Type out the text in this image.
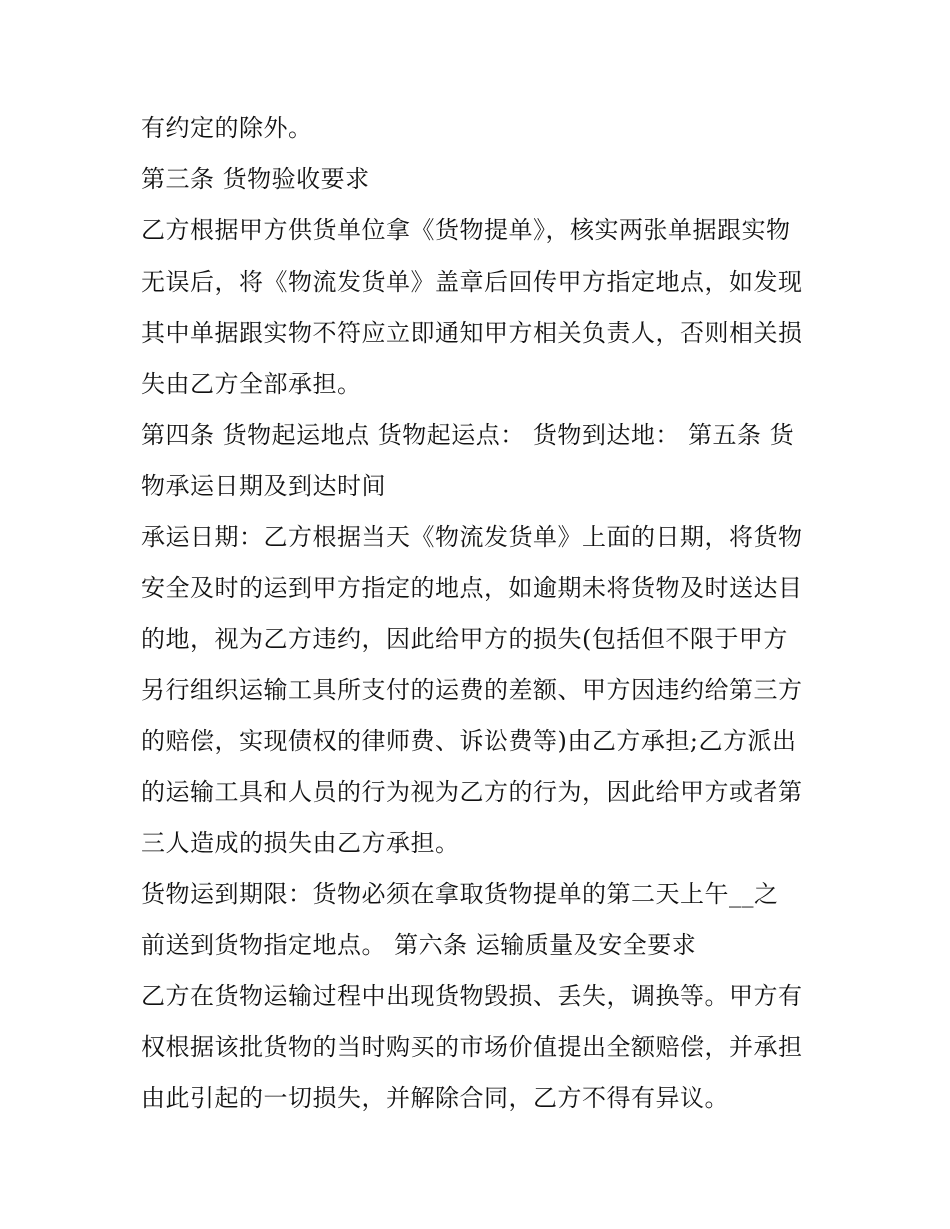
有约定的除外。
第三条 货物验收要求
乙方根据甲方供货单位拿《货物提单》，核实两张单据跟实物
无误后，将《物流发货单》盖章后回传甲方指定地点，如发现
其中单据跟实物不符应立即通知甲方相关负责人，否则相关损
失由乙方全部承担。
第四条 货物起运地点 货物起运点： 货物到达地： 第五条 货
物承运日期及到达时间
承运日期：乙方根据当天《物流发货单》上面的日期，将货物
安全及时的运到甲方指定的地点，如逾期未将货物及时送达目
的地，视为乙方违约，因此给甲方的损失(包括但不限于甲方
另行组织运输工具所支付的运费的差额、甲方因违约给第三方
的赔偿，实现债权的律师费、诉讼费等)由乙方承担;乙方派出
的运输工具和人员的行为视为乙方的行为，因此给甲方或者第
三人造成的损失由乙方承担。
货物运到期限：货物必须在拿取货物提单的第二天上午__之
前送到货物指定地点。 第六条 运输质量及安全要求
乙方在货物运输过程中出现货物毁损、丢失，调换等。甲方有
权根据该批货物的当时购买的市场价值提出全额赔偿，并承担
由此引起的一切损失，并解除合同，乙方不得有异议。
